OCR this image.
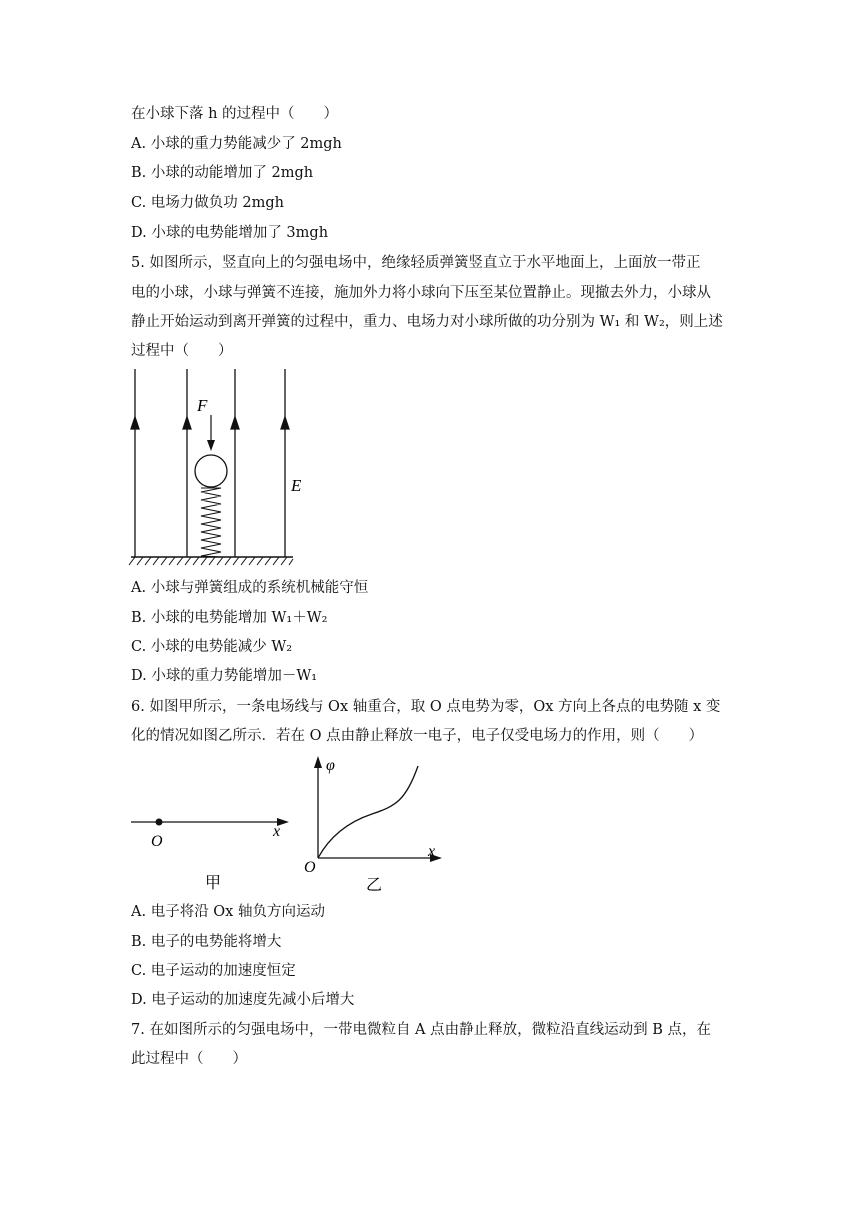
在小球下落 h 的过程中（　　）
A. 小球的重力势能减少了 2mgh
B. 小球的动能增加了 2mgh
C. 电场力做负功 2mgh
D. 小球的电势能增加了 3mgh
5. 如图所示，竖直向上的匀强电场中，绝缘轻质弹簧竖直立于水平地面上，上面放一带正
电的小球，小球与弹簧不连接，施加外力将小球向下压至某位置静止。现撤去外力，小球从
静止开始运动到离开弹簧的过程中，重力、电场力对小球所做的功分别为 W₁ 和 W₂，则上述
过程中（　　）
F
E
A. 小球与弹簧组成的系统机械能守恒
B. 小球的电势能增加 W₁＋W₂
C. 小球的电势能减少 W₂
D. 小球的重力势能增加－W₁
6. 如图甲所示，一条电场线与 Ox 轴重合，取 O 点电势为零，Ox 方向上各点的电势随 x 变
化的情况如图乙所示．若在 O 点由静止释放一电子，电子仅受电场力的作用，则（　　）
O
x
甲
φ
x
O
乙
A. 电子将沿 Ox 轴负方向运动
B. 电子的电势能将增大
C. 电子运动的加速度恒定
D. 电子运动的加速度先减小后增大
7. 在如图所示的匀强电场中，一带电微粒自 A 点由静止释放，微粒沿直线运动到 B 点，在
此过程中（　　）
